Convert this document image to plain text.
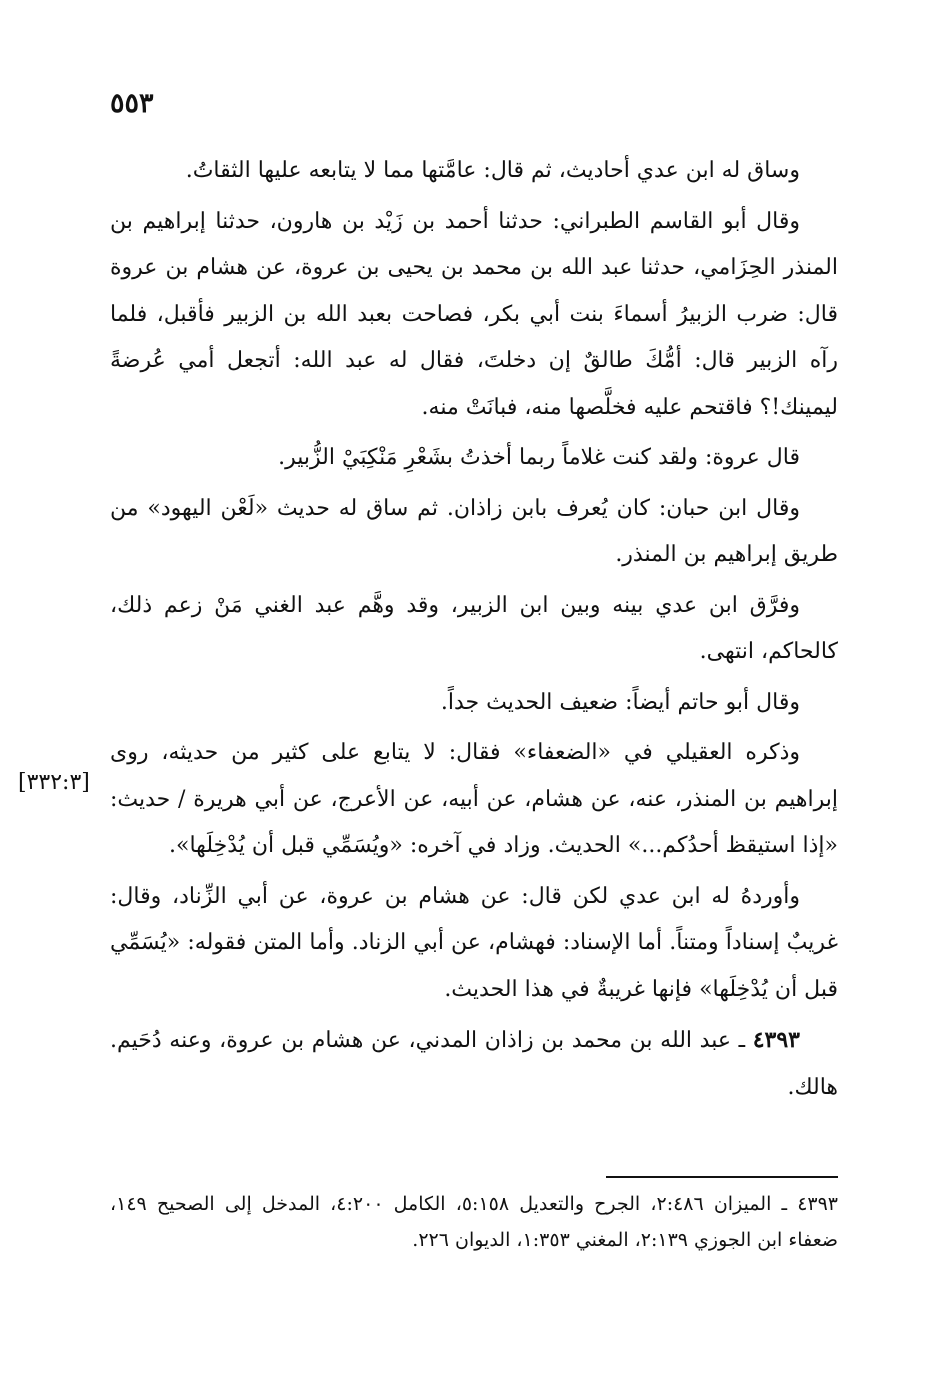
٥٥٣

وساق له ابن عدي أحاديث، ثم قال: عامَّتها مما لا يتابعه عليها الثقاتُ.

وقال أبو القاسم الطبراني: حدثنا أحمد بن زَيْد بن هارون، حدثنا إبراهيم بن المنذر الحِزَامي، حدثنا عبد الله بن محمد بن يحيى بن عروة، عن هشام بن عروة قال: ضرب الزبيرُ أسماءَ بنت أبي بكر، فصاحت بعبد الله بن الزبير فأقبل، فلما رآه الزبير قال: أمُّكَ طالقٌ إن دخلتَ، فقال له عبد الله: أتجعل أمي عُرضةً ليمينك!؟ فاقتحم عليه فخلَّصها منه، فبانَتْ منه.

قال عروة: ولقد كنت غلاماً ربما أخذتُ بشَعْرِ مَنْكِبَيْ الزُّبير.

وقال ابن حبان: كان يُعرف بابن زاذان. ثم ساق له حديث «لَعْن اليهود» من طريق إبراهيم بن المنذر.

وفرَّق ابن عدي بينه وبين ابن الزبير، وقد وهَّم عبد الغني مَنْ زعم ذلك، كالحاكم، انتهى.

وقال أبو حاتم أيضاً: ضعيف الحديث جداً.

وذكره العقيلي في «الضعفاء» فقال: لا يتابع على كثير من حديثه، روى إبراهيم بن المنذر، عنه، عن هشام، عن أبيه، عن الأعرج، عن أبي هريرة / حديث: «إذا استيقظ أحدُكم...» الحديث. وزاد في آخره: «ويُسَمِّي قبل أن يُدْخِلَها».

وأوردهُ له ابن عدي لكن قال: عن هشام بن عروة، عن أبي الزِّناد، وقال: غريبٌ إسناداً ومتناً. أما الإسناد: فهشام، عن أبي الزناد. وأما المتن فقوله: «يُسَمِّي قبل أن يُدْخِلَها» فإنها غريبةٌ في هذا الحديث.

٤٣٩٣ ـ عبد الله بن محمد بن زاذان المدني، عن هشام بن عروة، وعنه دُحَيم. هالك.

[٣٣٢:٣]

٤٣٩٣ ـ الميزان ٢:٤٨٦، الجرح والتعديل ٥:١٥٨، الكامل ٤:٢٠٠، المدخل إلى الصحيح ١٤٩، ضعفاء ابن الجوزي ٢:١٣٩، المغني ١:٣٥٣، الديوان ٢٢٦.
